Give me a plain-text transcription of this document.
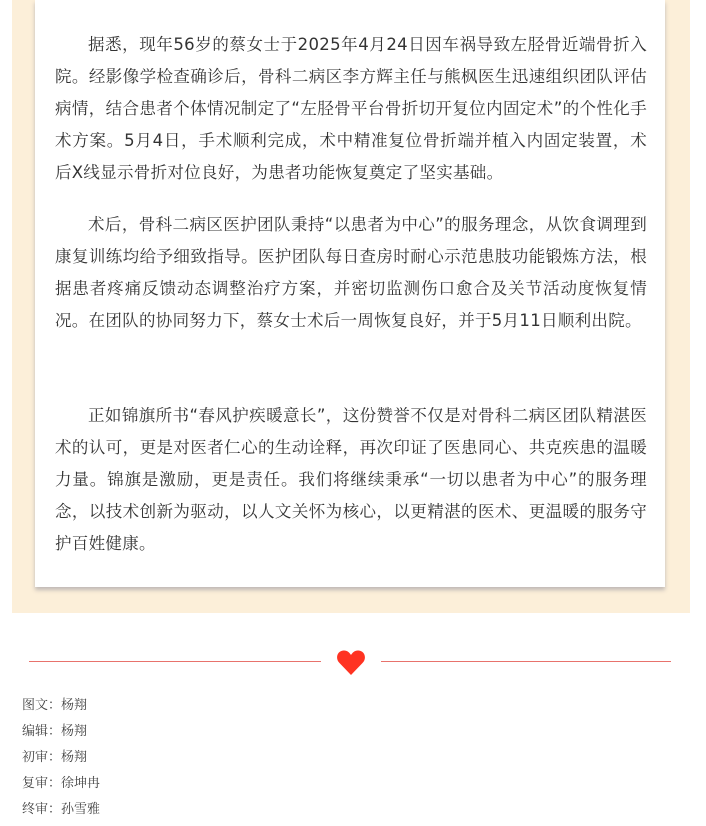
据悉，现年56岁的蔡女士于2025年4月24日因车祸导致左胫骨近端骨折入院。经影像学检查确诊后，骨科二病区李方辉主任与熊枫医生迅速组织团队评估病情，结合患者个体情况制定了“左胫骨平台骨折切开复位内固定术”的个性化手术方案。5月4日，手术顺利完成，术中精准复位骨折端并植入内固定装置，术后X线显示骨折对位良好，为患者功能恢复奠定了坚实基础。

术后，骨科二病区医护团队秉持“以患者为中心”的服务理念，从饮食调理到康复训练均给予细致指导。医护团队每日查房时耐心示范患肢功能锻炼方法，根据患者疼痛反馈动态调整治疗方案，并密切监测伤口愈合及关节活动度恢复情况。在团队的协同努力下，蔡女士术后一周恢复良好，并于5月11日顺利出院。

正如锦旗所书“春风护疾暖意长”，这份赞誉不仅是对骨科二病区团队精湛医术的认可，更是对医者仁心的生动诠释，再次印证了医患同心、共克疾患的温暖力量。锦旗是激励，更是责任。我们将继续秉承“一切以患者为中心”的服务理念，以技术创新为驱动，以人文关怀为核心，以更精湛的医术、更温暖的服务守护百姓健康。

图文：杨翔
编辑：杨翔
初审：杨翔
复审：徐坤冉
终审：孙雪雅
